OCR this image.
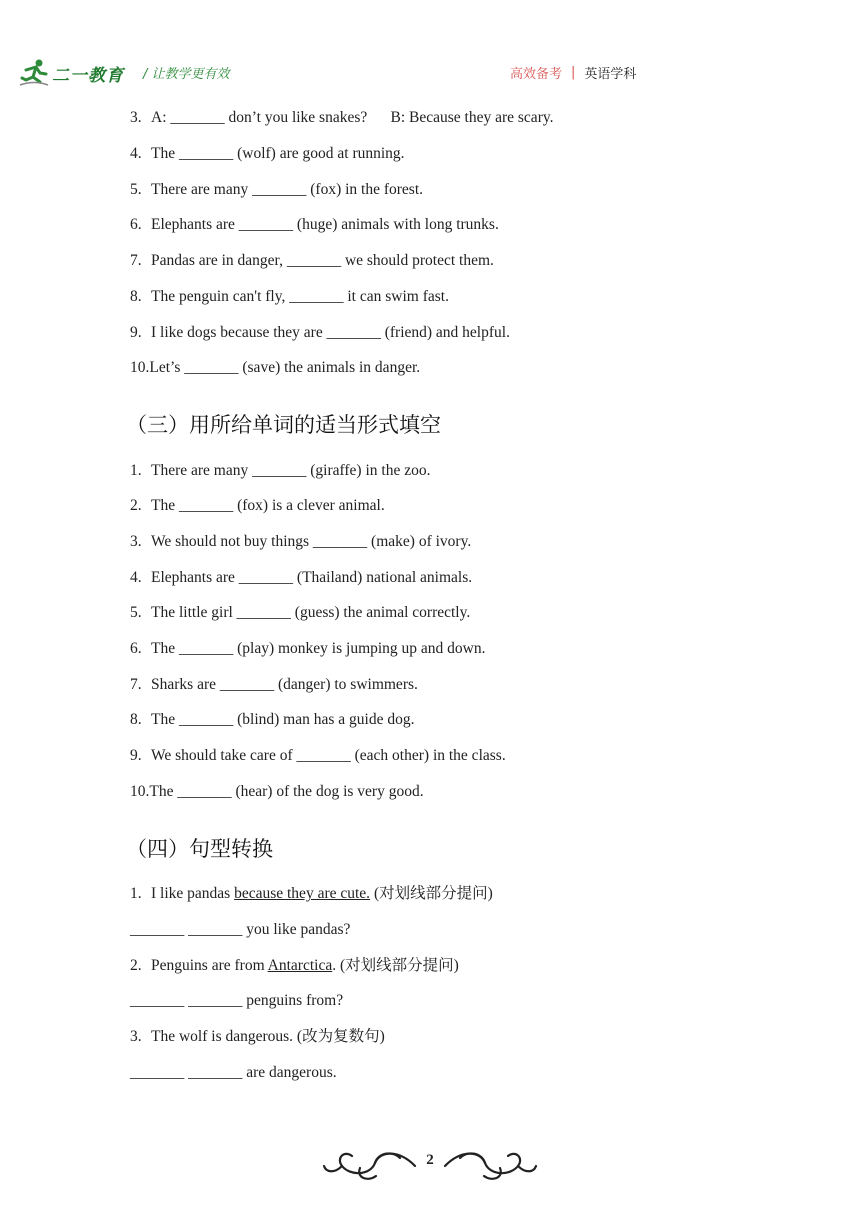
二一教育 / 让教学更有效	高效备考 | 英语学科
3. A: _______ don’t you like snakes?      B: Because they are scary.
4. The _______ (wolf) are good at running.
5. There are many _______ (fox) in the forest.
6. Elephants are _______ (huge) animals with long trunks.
7. Pandas are in danger, _______ we should protect them.
8. The penguin can't fly, _______ it can swim fast.
9. I like dogs because they are _______ (friend) and helpful.
10.Let’s _______ (save) the animals in danger.
（三）用所给单词的适当形式填空
1. There are many _______ (giraffe) in the zoo.
2. The _______ (fox) is a clever animal.
3. We should not buy things _______ (make) of ivory.
4. Elephants are _______ (Thailand) national animals.
5. The little girl _______ (guess) the animal correctly.
6. The _______ (play) monkey is jumping up and down.
7. Sharks are _______ (danger) to swimmers.
8. The _______ (blind) man has a guide dog.
9. We should take care of _______ (each other) in the class.
10.The _______ (hear) of the dog is very good.
（四）句型转换
1. I like pandas because they are cute. (对划线部分提问)
_______ _______ you like pandas?
2. Penguins are from Antarctica. (对划线部分提问)
_______ _______ penguins from?
3. The wolf is dangerous. (改为复数句)
_______ _______ are dangerous.
2
